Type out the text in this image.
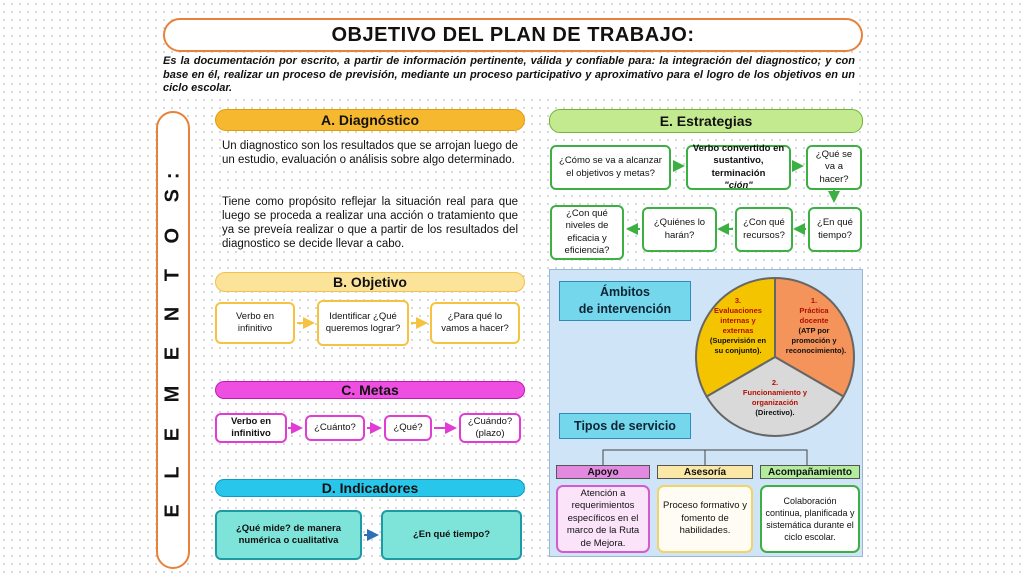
OBJETIVO DEL PLAN DE TRABAJO:
Es la documentación por escrito, a partir de información pertinente, válida y confiable para: la integración del diagnostico; y con base en él, realizar un proceso de previsión, mediante un proceso participativo y aproximativo para el logro de los objetivos en un ciclo escolar.
E L E M E N T O S:
A. Diagnóstico
Un diagnostico son los resultados que se arrojan luego de un estudio, evaluación o análisis sobre algo determinado.
Tiene como propósito reflejar la situación real para que luego se proceda a realizar una acción o tratamiento que ya se preveía realizar o que a partir de los resultados del diagnostico se decide llevar a cabo.
B. Objetivo
Verbo en infinitivo
Identificar ¿Qué queremos lograr?
¿Para qué lo vamos a hacer?
C. Metas
Verbo en infinitivo
¿Cuánto?	¿Qué?
¿Cuándo? (plazo)
D. Indicadores
¿Qué mide? de manera numérica o cualitativa
¿En qué tiempo?
E. Estrategias
¿Cómo se va a alcanzar el objetivos y metas?
Verbo convertido en sustantivo, terminación
"ción"
¿Qué se va a hacer?
¿Con qué niveles de eficacia y eficiencia?
¿Quiénes lo harán?
¿Con qué recursos?
¿En qué tiempo?
Ámbitos
de intervención
1.
Práctica
docente
(ATP por
promoción y
reconocimiento).
2.
Funcionamiento y
organización
(Directivo).
3.
Evaluaciones
internas y
externas
(Supervisión en
su conjunto).
Tipos de servicio
Apoyo	Asesoría	Acompañamiento
Atención a requerimientos específicos en el marco de la Ruta de Mejora.
Proceso formativo y fomento de habilidades.
Colaboración continua, planificada y sistemática durante el ciclo escolar.
